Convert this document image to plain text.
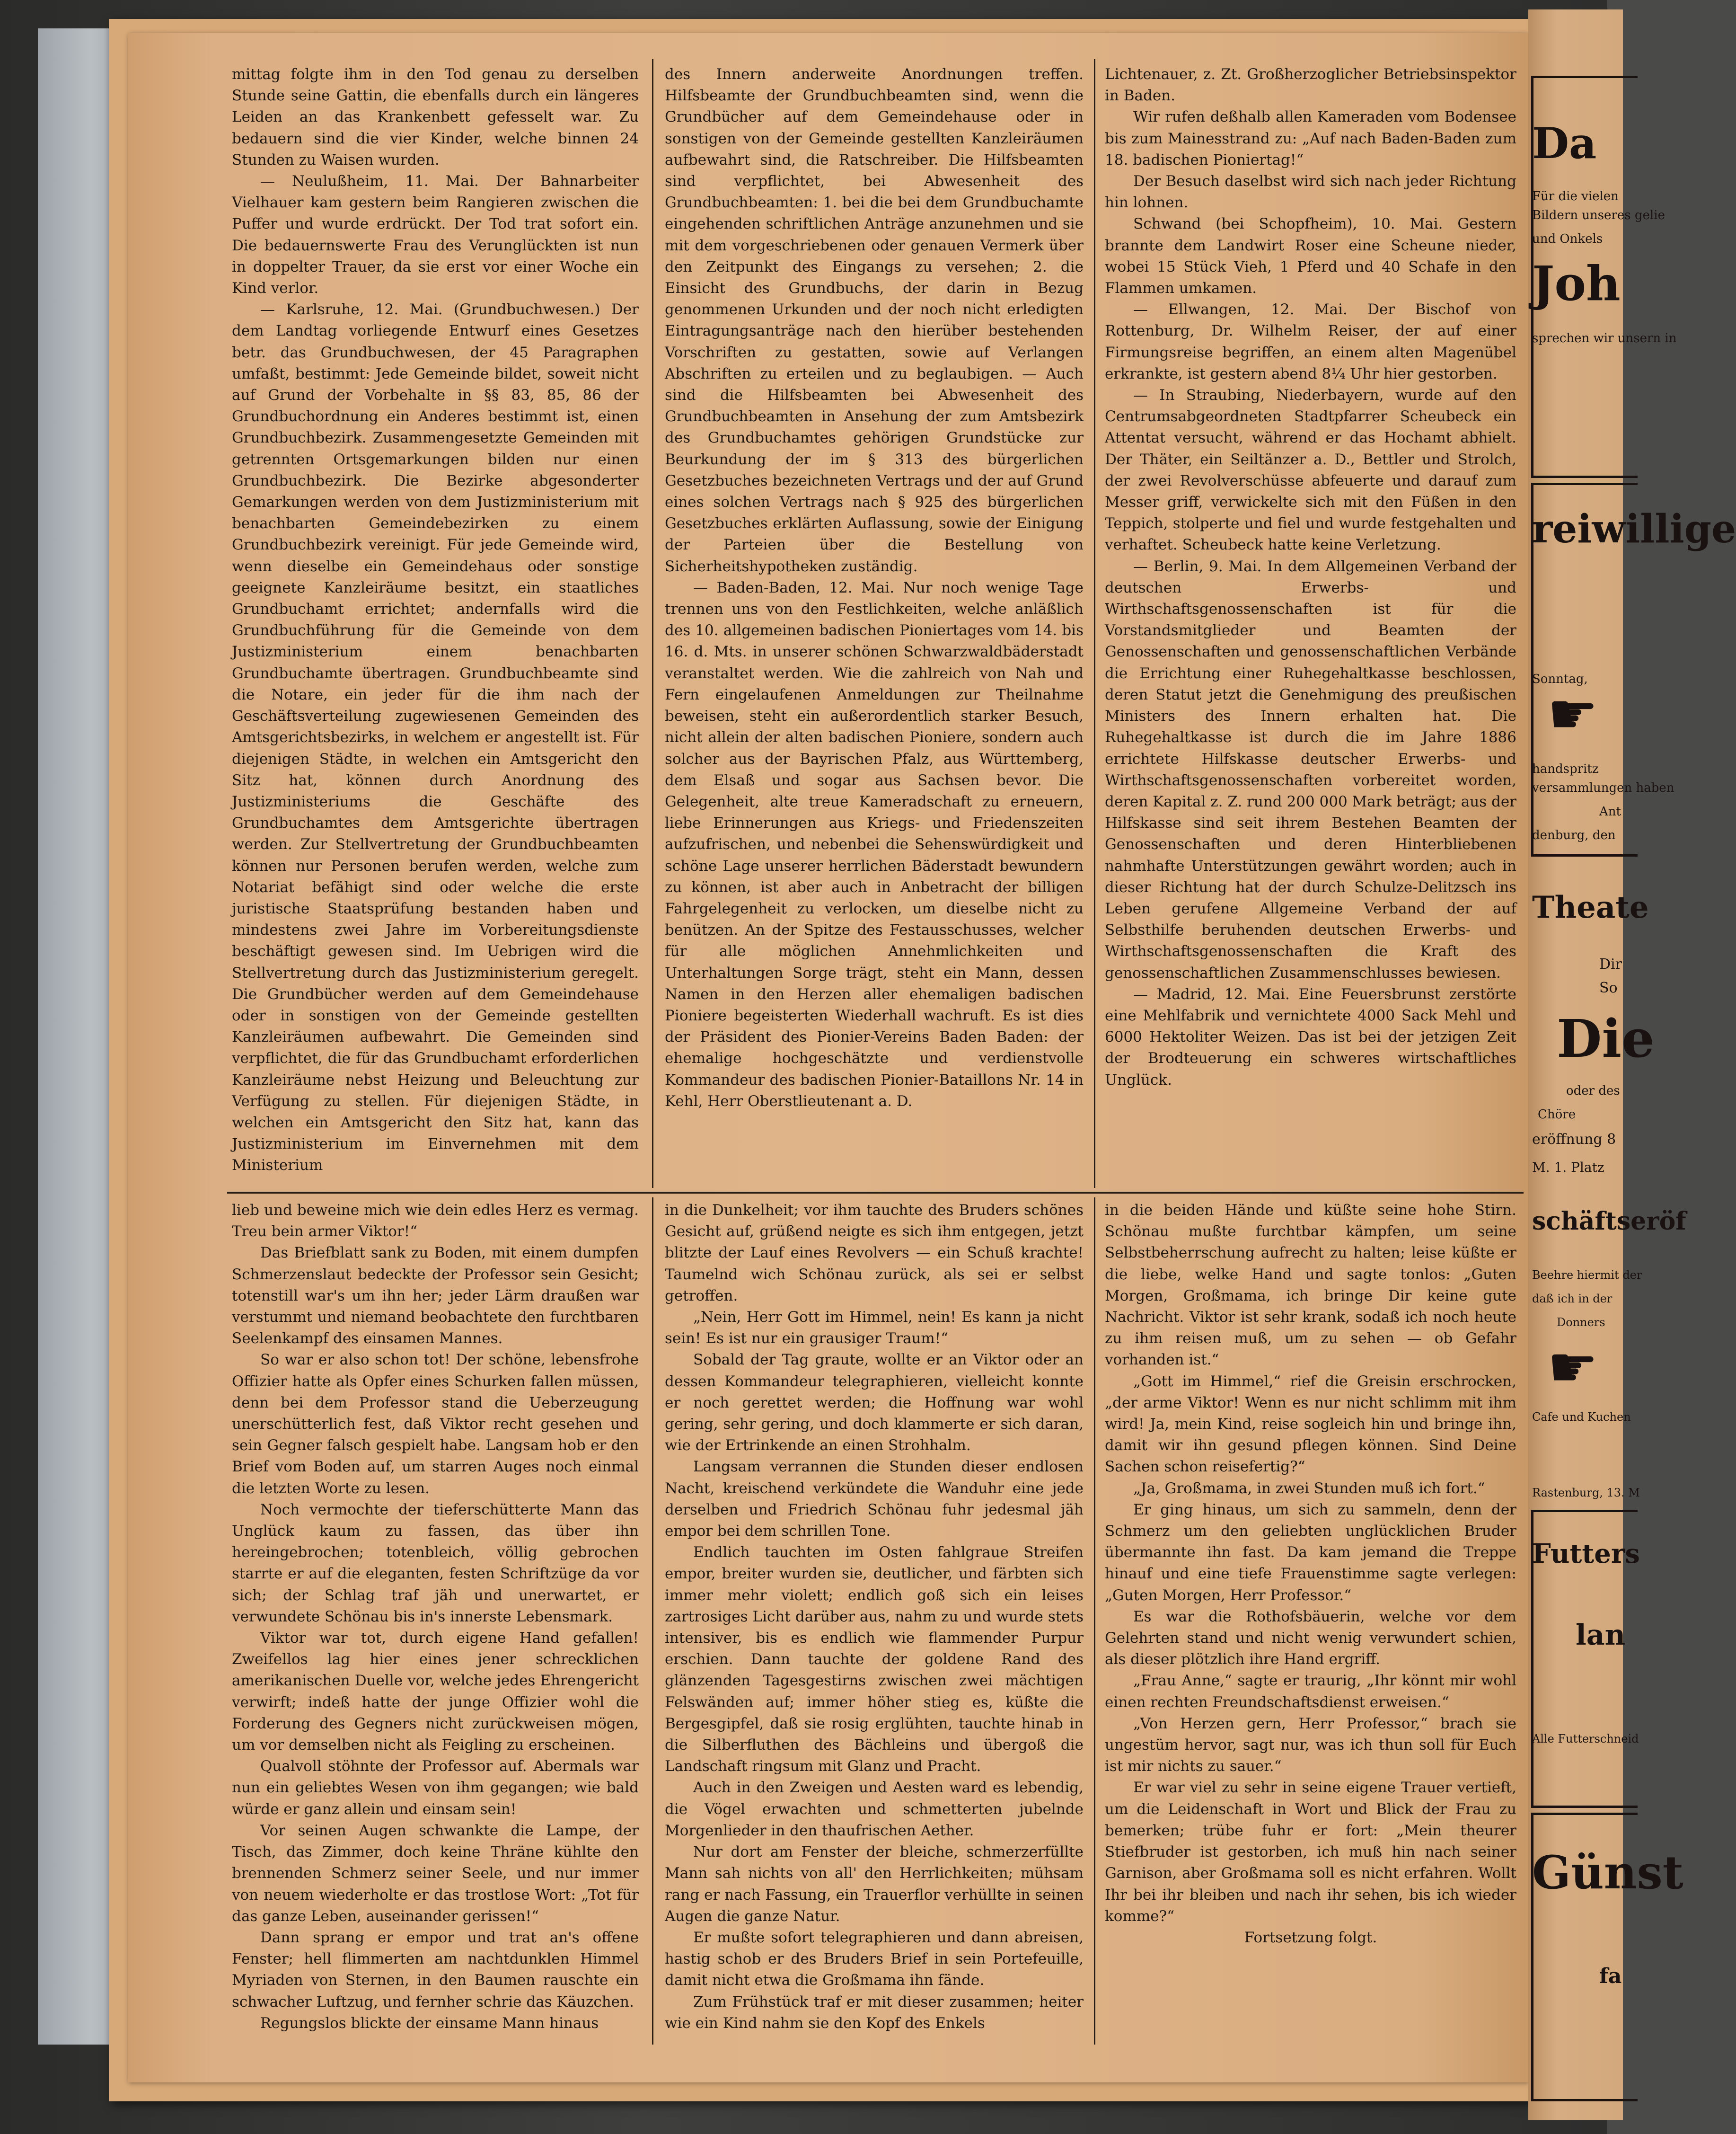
mittag folgte ihm in den Tod genau zu derselben Stunde seine Gattin, die ebenfalls durch ein längeres Leiden an das Krankenbett gefesselt war. Zu bedauern sind die vier Kinder, welche binnen 24 Stunden zu Waisen wurden.

— Neulußheim, 11. Mai. Der Bahnarbeiter Vielhauer kam gestern beim Rangieren zwischen die Puffer und wurde erdrückt. Der Tod trat sofort ein. Die bedauernswerte Frau des Verunglückten ist nun in doppelter Trauer, da sie erst vor einer Woche ein Kind verlor.

— Karlsruhe, 12. Mai. (Grundbuchwesen.) Der dem Landtag vorliegende Entwurf eines Gesetzes betr. das Grundbuchwesen, der 45 Paragraphen umfaßt, bestimmt: Jede Gemeinde bildet, soweit nicht auf Grund der Vorbehalte in §§ 83, 85, 86 der Grundbuchordnung ein Anderes bestimmt ist, einen Grundbuchbezirk. Zusammengesetzte Gemeinden mit getrennten Ortsgemarkungen bilden nur einen Grundbuchbezirk. Die Bezirke abgesonderter Gemarkungen werden von dem Justizministerium mit benachbarten Gemeindebezirken zu einem Grundbuchbezirk vereinigt. Für jede Gemeinde wird, wenn dieselbe ein Gemeindehaus oder sonstige geeignete Kanzleiräume besitzt, ein staatliches Grundbuchamt errichtet; andernfalls wird die Grundbuchführung für die Gemeinde von dem Justizministerium einem benachbarten Grundbuchamte übertragen. Grundbuchbeamte sind die Notare, ein jeder für die ihm nach der Geschäftsverteilung zugewiesenen Gemeinden des Amtsgerichtsbezirks, in welchem er angestellt ist. Für diejenigen Städte, in welchen ein Amtsgericht den Sitz hat, können durch Anordnung des Justizministeriums die Geschäfte des Grundbuchamtes dem Amtsgerichte übertragen werden. Zur Stellvertretung der Grundbuchbeamten können nur Personen berufen werden, welche zum Notariat befähigt sind oder welche die erste juristische Staatsprüfung bestanden haben und mindestens zwei Jahre im Vorbereitungsdienste beschäftigt gewesen sind. Im Uebrigen wird die Stellvertretung durch das Justizministerium geregelt. Die Grundbücher werden auf dem Gemeindehause oder in sonstigen von der Gemeinde gestellten Kanzleiräumen aufbewahrt. Die Gemeinden sind verpflichtet, die für das Grundbuchamt erforderlichen Kanzleiräume nebst Heizung und Beleuchtung zur Verfügung zu stellen. Für diejenigen Städte, in welchen ein Amtsgericht den Sitz hat, kann das Justizministerium im Einvernehmen mit dem Ministerium

des Innern anderweite Anordnungen treffen. Hilfsbeamte der Grundbuchbeamten sind, wenn die Grundbücher auf dem Gemeindehause oder in sonstigen von der Gemeinde gestellten Kanzleiräumen aufbewahrt sind, die Ratschreiber. Die Hilfsbeamten sind verpflichtet, bei Abwesenheit des Grundbuchbeamten: 1. bei die bei dem Grundbuchamte eingehenden schriftlichen Anträge anzunehmen und sie mit dem vorgeschriebenen oder genauen Vermerk über den Zeitpunkt des Eingangs zu versehen; 2. die Einsicht des Grundbuchs, der darin in Bezug genommenen Urkunden und der noch nicht erledigten Eintragungsanträge nach den hierüber bestehenden Vorschriften zu gestatten, sowie auf Verlangen Abschriften zu erteilen und zu beglaubigen. — Auch sind die Hilfsbeamten bei Abwesenheit des Grundbuchbeamten in Ansehung der zum Amtsbezirk des Grundbuchamtes gehörigen Grundstücke zur Beurkundung der im § 313 des bürgerlichen Gesetzbuches bezeichneten Vertrags und der auf Grund eines solchen Vertrags nach § 925 des bürgerlichen Gesetzbuches erklärten Auflassung, sowie der Einigung der Parteien über die Bestellung von Sicherheitshypotheken zuständig.

— Baden-Baden, 12. Mai. Nur noch wenige Tage trennen uns von den Festlichkeiten, welche anläßlich des 10. allgemeinen badischen Pioniertages vom 14. bis 16. d. Mts. in unserer schönen Schwarzwaldbäderstadt veranstaltet werden. Wie die zahlreich von Nah und Fern eingelaufenen Anmeldungen zur Theilnahme beweisen, steht ein außerordentlich starker Besuch, nicht allein der alten badischen Pioniere, sondern auch solcher aus der Bayrischen Pfalz, aus Württemberg, dem Elsaß und sogar aus Sachsen bevor. Die Gelegenheit, alte treue Kameradschaft zu erneuern, liebe Erinnerungen aus Kriegs- und Friedenszeiten aufzufrischen, und nebenbei die Sehenswürdigkeit und schöne Lage unserer herrlichen Bäderstadt bewundern zu können, ist aber auch in Anbetracht der billigen Fahrgelegenheit zu verlocken, um dieselbe nicht zu benützen. An der Spitze des Festausschusses, welcher für alle möglichen Annehmlichkeiten und Unterhaltungen Sorge trägt, steht ein Mann, dessen Namen in den Herzen aller ehemaligen badischen Pioniere begeisterten Wiederhall wachruft. Es ist dies der Präsident des Pionier-Vereins Baden Baden: der ehemalige hochgeschätzte und verdienstvolle Kommandeur des badischen Pionier-Bataillons Nr. 14 in Kehl, Herr Oberstlieutenant a. D.

Lichtenauer, z. Zt. Großherzoglicher Betriebsinspektor in Baden.

Wir rufen deßhalb allen Kameraden vom Bodensee bis zum Mainesstrand zu: „Auf nach Baden-Baden zum 18. badischen Pioniertag!“

Der Besuch daselbst wird sich nach jeder Richtung hin lohnen.

Schwand (bei Schopfheim), 10. Mai. Gestern brannte dem Landwirt Roser eine Scheune nieder, wobei 15 Stück Vieh, 1 Pferd und 40 Schafe in den Flammen umkamen.

— Ellwangen, 12. Mai. Der Bischof von Rottenburg, Dr. Wilhelm Reiser, der auf einer Firmungsreise begriffen, an einem alten Magenübel erkrankte, ist gestern abend 8¼ Uhr hier gestorben.

— In Straubing, Niederbayern, wurde auf den Centrumsabgeordneten Stadtpfarrer Scheubeck ein Attentat versucht, während er das Hochamt abhielt. Der Thäter, ein Seiltänzer a. D., Bettler und Strolch, der zwei Revolverschüsse abfeuerte und darauf zum Messer griff, verwickelte sich mit den Füßen in den Teppich, stolperte und fiel und wurde festgehalten und verhaftet. Scheubeck hatte keine Verletzung.

— Berlin, 9. Mai. In dem Allgemeinen Verband der deutschen Erwerbs- und Wirthschaftsgenossenschaften ist für die Vorstandsmitglieder und Beamten der Genossenschaften und genossenschaftlichen Verbände die Errichtung einer Ruhegehaltkasse beschlossen, deren Statut jetzt die Genehmigung des preußischen Ministers des Innern erhalten hat. Die Ruhegehaltkasse ist durch die im Jahre 1886 errichtete Hilfskasse deutscher Erwerbs- und Wirthschaftsgenossenschaften vorbereitet worden, deren Kapital z. Z. rund 200 000 Mark beträgt; aus der Hilfskasse sind seit ihrem Bestehen Beamten der Genossenschaften und deren Hinterbliebenen nahmhafte Unterstützungen gewährt worden; auch in dieser Richtung hat der durch Schulze-Delitzsch ins Leben gerufene Allgemeine Verband der auf Selbsthilfe beruhenden deutschen Erwerbs- und Wirthschaftsgenossenschaften die Kraft des genossenschaftlichen Zusammenschlusses bewiesen.

— Madrid, 12. Mai. Eine Feuersbrunst zerstörte eine Mehlfabrik und vernichtete 4000 Sack Mehl und 6000 Hektoliter Weizen. Das ist bei der jetzigen Zeit der Brodteuerung ein schweres wirtschaftliches Unglück.

lieb und beweine mich wie dein edles Herz es vermag. Treu bein armer Viktor!“

Das Briefblatt sank zu Boden, mit einem dumpfen Schmerzenslaut bedeckte der Professor sein Gesicht; totenstill war's um ihn her; jeder Lärm draußen war verstummt und niemand beobachtete den furchtbaren Seelenkampf des einsamen Mannes.

So war er also schon tot! Der schöne, lebensfrohe Offizier hatte als Opfer eines Schurken fallen müssen, denn bei dem Professor stand die Ueberzeugung unerschütterlich fest, daß Viktor recht gesehen und sein Gegner falsch gespielt habe. Langsam hob er den Brief vom Boden auf, um starren Auges noch einmal die letzten Worte zu lesen.

Noch vermochte der tieferschütterte Mann das Unglück kaum zu fassen, das über ihn hereingebrochen; totenbleich, völlig gebrochen starrte er auf die eleganten, festen Schriftzüge da vor sich; der Schlag traf jäh und unerwartet, er verwundete Schönau bis in's innerste Lebensmark.

Viktor war tot, durch eigene Hand gefallen! Zweifellos lag hier eines jener schrecklichen amerikanischen Duelle vor, welche jedes Ehrengericht verwirft; indeß hatte der junge Offizier wohl die Forderung des Gegners nicht zurückweisen mögen, um vor demselben nicht als Feigling zu erscheinen.

Qualvoll stöhnte der Professor auf. Abermals war nun ein geliebtes Wesen von ihm gegangen; wie bald würde er ganz allein und einsam sein!

Vor seinen Augen schwankte die Lampe, der Tisch, das Zimmer, doch keine Thräne kühlte den brennenden Schmerz seiner Seele, und nur immer von neuem wiederholte er das trostlose Wort: „Tot für das ganze Leben, auseinander gerissen!“

Dann sprang er empor und trat an's offene Fenster; hell flimmerten am nachtdunklen Himmel Myriaden von Sternen, in den Baumen rauschte ein schwacher Luftzug, und fernher schrie das Käuzchen.

Regungslos blickte der einsame Mann hinaus

in die Dunkelheit; vor ihm tauchte des Bruders schönes Gesicht auf, grüßend neigte es sich ihm entgegen, jetzt blitzte der Lauf eines Revolvers — ein Schuß krachte! Taumelnd wich Schönau zurück, als sei er selbst getroffen.

„Nein, Herr Gott im Himmel, nein! Es kann ja nicht sein! Es ist nur ein grausiger Traum!“

Sobald der Tag graute, wollte er an Viktor oder an dessen Kommandeur telegraphieren, vielleicht konnte er noch gerettet werden; die Hoffnung war wohl gering, sehr gering, und doch klammerte er sich daran, wie der Ertrinkende an einen Strohhalm.

Langsam verrannen die Stunden dieser endlosen Nacht, kreischend verkündete die Wanduhr eine jede derselben und Friedrich Schönau fuhr jedesmal jäh empor bei dem schrillen Tone.

Endlich tauchten im Osten fahlgraue Streifen empor, breiter wurden sie, deutlicher, und färbten sich immer mehr violett; endlich goß sich ein leises zartrosiges Licht darüber aus, nahm zu und wurde stets intensiver, bis es endlich wie flammender Purpur erschien. Dann tauchte der goldene Rand des glänzenden Tagesgestirns zwischen zwei mächtigen Felswänden auf; immer höher stieg es, küßte die Bergesgipfel, daß sie rosig erglühten, tauchte hinab in die Silberfluthen des Bächleins und übergoß die Landschaft ringsum mit Glanz und Pracht.

Auch in den Zweigen und Aesten ward es lebendig, die Vögel erwachten und schmetterten jubelnde Morgenlieder in den thaufrischen Aether.

Nur dort am Fenster der bleiche, schmerzerfüllte Mann sah nichts von all' den Herrlichkeiten; mühsam rang er nach Fassung, ein Trauerflor verhüllte in seinen Augen die ganze Natur.

Er mußte sofort telegraphieren und dann abreisen, hastig schob er des Bruders Brief in sein Portefeuille, damit nicht etwa die Großmama ihn fände.

Zum Frühstück traf er mit dieser zusammen; heiter wie ein Kind nahm sie den Kopf des Enkels

in die beiden Hände und küßte seine hohe Stirn. Schönau mußte furchtbar kämpfen, um seine Selbstbeherrschung aufrecht zu halten; leise küßte er die liebe, welke Hand und sagte tonlos: „Guten Morgen, Großmama, ich bringe Dir keine gute Nachricht. Viktor ist sehr krank, sodaß ich noch heute zu ihm reisen muß, um zu sehen — ob Gefahr vorhanden ist.“

„Gott im Himmel,“ rief die Greisin erschrocken, „der arme Viktor! Wenn es nur nicht schlimm mit ihm wird! Ja, mein Kind, reise sogleich hin und bringe ihn, damit wir ihn gesund pflegen können. Sind Deine Sachen schon reisefertig?“

„Ja, Großmama, in zwei Stunden muß ich fort.“

Er ging hinaus, um sich zu sammeln, denn der Schmerz um den geliebten unglücklichen Bruder übermannte ihn fast. Da kam jemand die Treppe hinauf und eine tiefe Frauenstimme sagte verlegen: „Guten Morgen, Herr Professor.“

Es war die Rothofsbäuerin, welche vor dem Gelehrten stand und nicht wenig verwundert schien, als dieser plötzlich ihre Hand ergriff.

„Frau Anne,“ sagte er traurig, „Ihr könnt mir wohl einen rechten Freundschaftsdienst erweisen.“

„Von Herzen gern, Herr Professor,“ brach sie ungestüm hervor, sagt nur, was ich thun soll für Euch ist mir nichts zu sauer.“

Er war viel zu sehr in seine eigene Trauer vertieft, um die Leidenschaft in Wort und Blick der Frau zu bemerken; trübe fuhr er fort: „Mein theurer Stiefbruder ist gestorben, ich muß hin nach seiner Garnison, aber Großmama soll es nicht erfahren. Wollt Ihr bei ihr bleiben und nach ihr sehen, bis ich wieder komme?“

Fortsetzung folgt.

Da
Für die vielen
Bildern unseres gelie
und Onkels
Joh
sprechen wir unsern in
reiwillige
Sonntag,
☛
handspritz
versammlungen haben
Ant
denburg, den
Theate
Dir
So
Die
oder des
Chöre
eröffnung 8
M. 1. Platz
schäftseröf
Beehre hiermit der
daß ich in der
Donners
☛
Cafe und Kuchen
Rastenburg, 13. M
Futters
lan
Alle Futterschneid
Günst
fa
